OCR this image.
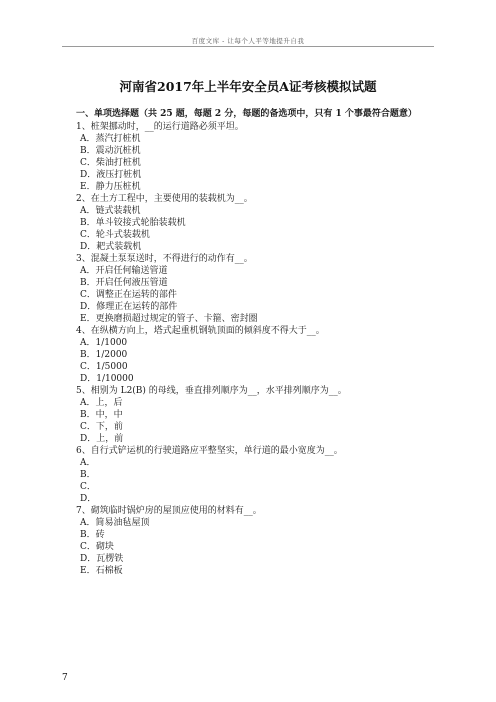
百度文库 - 让每个人平等地提升自我
河南省2017年上半年安全员A证考核模拟试题
一、单项选择题（共 25 题，每题 2 分，每题的备选项中，只有 1 个事最符合题意）
1、桩架挪动时，__的运行道路必须平坦。
A．蒸汽打桩机
B．震动沉桩机
C．柴油打桩机
D．液压打桩机
E．静力压桩机
2、在土方工程中，主要使用的装载机为__。
A．链式装载机
B．单斗铰接式轮胎装载机
C．轮斗式装载机
D．耙式装载机
3、混凝土泵泵送时，不得进行的动作有__。
A．开启任何输送管道
B．开启任何液压管道
C．调整正在运转的部件
D．修理正在运转的部件
E．更换磨损超过规定的管子、卡箍、密封圈
4、在纵横方向上，塔式起重机钢轨顶面的倾斜度不得大于__。
A．1/1000
B．1/2000
C．1/5000
D．1/10000
5、相别为 L2(B) 的母线，垂直排列顺序为__，水平排列顺序为__。
A．上，后
B．中，中
C．下，前
D．上，前
6、自行式铲运机的行驶道路应平整坚实，单行道的最小宽度为__。
A．
B．
C．
D．
7、砌筑临时锅炉房的屋顶应使用的材料有__。
A．简易油毡屋顶
B．砖
C．砌块
D．瓦楞铁
E．石棉板
7
